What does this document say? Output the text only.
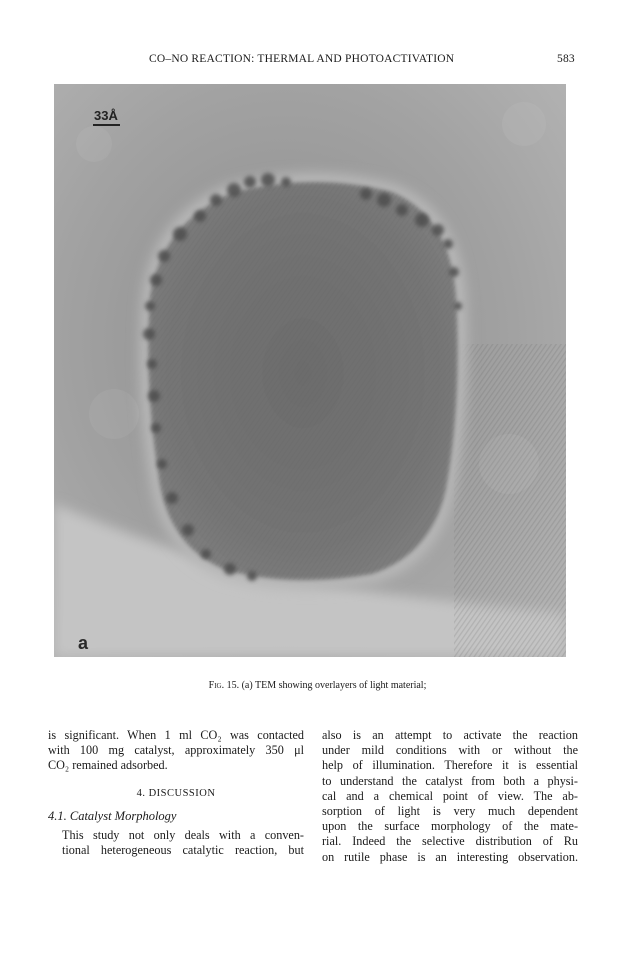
CO–NO REACTION: THERMAL AND PHOTOACTIVATION	583
33Å
a
Fig. 15. (a) TEM showing overlayers of light material;

is significant. When 1 ml CO₂ was contacted
with 100 mg catalyst, approximately 350 μl
CO₂ remained adsorbed.

4. DISCUSSION
4.1. Catalyst Morphology

This study not only deals with a conven-
tional heterogeneous catalytic reaction, but

also is an attempt to activate the reaction
under mild conditions with or without the
help of illumination. Therefore it is essential
to understand the catalyst from both a physi-
cal and a chemical point of view. The ab-
sorption of light is very much dependent
upon the surface morphology of the mate-
rial. Indeed the selective distribution of Ru
on rutile phase is an interesting observation.
